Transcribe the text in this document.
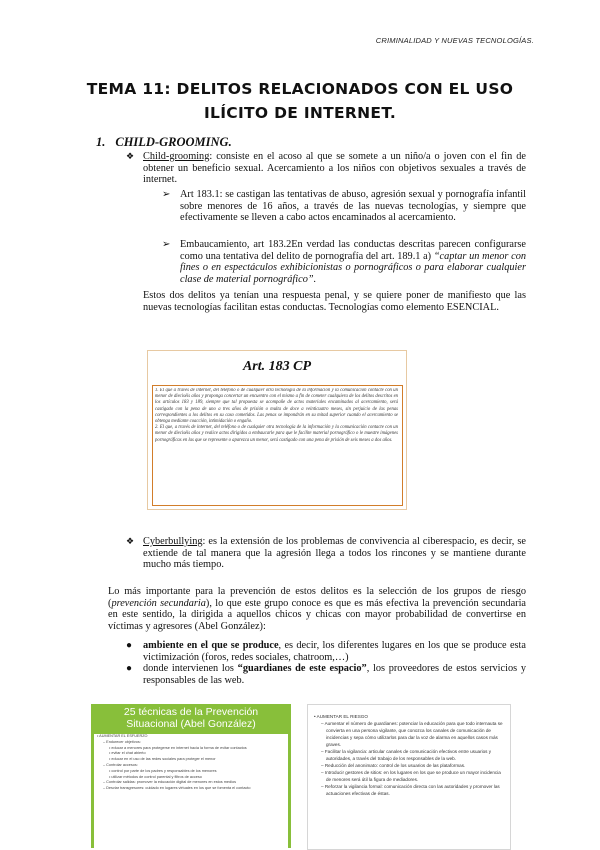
CRIMINALIDAD Y NUEVAS TECNOLOGÍAS.
TEMA 11: DELITOS RELACIONADOS CON EL USO
ILÍCITO DE INTERNET.
1. CHILD-GROOMING.
❖ Child-grooming: consiste en el acoso al que se somete a un niño/a o joven con el fin de obtener un beneficio sexual. Acercamiento a los niños con objetivos sexuales a través de internet.
➢ Art 183.1: se castigan las tentativas de abuso, agresión sexual y pornografía infantil sobre menores de 16 años, a través de las nuevas tecnologías, y siempre que efectivamente se lleven a cabo actos encaminados al acercamiento.
➢ Embaucamiento, art 183.2En verdad las conductas descritas parecen configurarse como una tentativa del delito de pornografía del art. 189.1 a) “captar un menor con fines o en espectáculos exhibicionistas o pornográficos o para elaborar cualquier clase de material pornográfico”.
Estos dos delitos ya tenían una respuesta penal, y se quiere poner de manifiesto que las nuevas tecnologías facilitan estas conductas. Tecnologías como elemento ESENCIAL.
Art. 183 CP

1. El que a través de internet, del teléfono o de cualquier otra tecnología de la información y la comunicación contacte con un menor de dieciséis años y proponga concertar un encuentro con el mismo a fin de cometer cualquiera de los delitos descritos en los artículos 183 y 189, siempre que tal propuesta se acompañe de actos materiales encaminados al acercamiento, será castigado con la pena de uno a tres años de prisión o multa de doce a veinticuatro meses, sin perjuicio de las penas correspondientes a los delitos en su caso cometidos. Las penas se impondrán en su mitad superior cuando el acercamiento se obtenga mediante coacción, intimidación o engaño.

2. El que, a través de internet, del teléfono o de cualquier otra tecnología de la información y la comunicación contacte con un menor de dieciséis años y realice actos dirigidos a embaucarle para que le facilite material pornográfico o le muestre imágenes pornográficas en las que se represente o aparezca un menor, será castigado con una pena de prisión de seis meses a dos años.

❖ Cyberbullying: es la extensión de los problemas de convivencia al ciberespacio, es decir, se extiende de tal manera que la agresión llega a todos los rincones y se mantiene durante mucho más tiempo.
Lo más importante para la prevención de estos delitos es la selección de los grupos de riesgo (prevención secundaria), lo que este grupo conoce es que es más efectiva la prevención secundaria en este sentido, la dirigida a aquellos chicos y chicas con mayor probabilidad de convertirse en víctimas y agresores (Abel González):
● ambiente en el que se produce, es decir, los diferentes lugares en los que se produce esta victimización (foros, redes sociales, chatroom,…)
● donde intervienen los “guardianes de este espacio”, los proveedores de estos servicios y responsables de las web.
25 técnicas de la Prevención
Situacional (Abel González)

• AUMENTAR EL ESFUERZO

– Endurecer objetivos:

• educar a menores para protegerse en internet hacia la forma de evitar contactos

• evitar el chat abierto

• educar en el uso de las redes sociales para proteger el menor

– Controlar accesos:

• control por parte de los padres y responsables de los menores

• utilizar métodos de control parental y filtros de acceso

– Controlar salidas: promover la educación digital de menores en estos medios

– Desviar transgresores: cuidado en lugares virtuales en los que se fomenta el contacto

• AUMENTAR EL RIESGO

– Aumentar el número de guardianes: potenciar la educación para que todo internauta se convierta en una persona vigilante, que conozca los canales de comunicación de incidencias y sepa cómo utilizarlos para dar la voz de alarma en aquellos casos más graves.

– Facilitar la vigilancia: articular canales de comunicación efectivos entre usuarios y autoridades, a través del trabajo de los responsables de la web.

– Reducción del anonimato: control de los usuarios de las plataformas.

– Introducir gestores de sitios: en los lugares en los que se produce un mayor incidencia de menores será útil la figura de mediadores.

– Reforzar la vigilancia formal: comunicación directa con las autoridades y promover las actuaciones efectivas de éstas.
